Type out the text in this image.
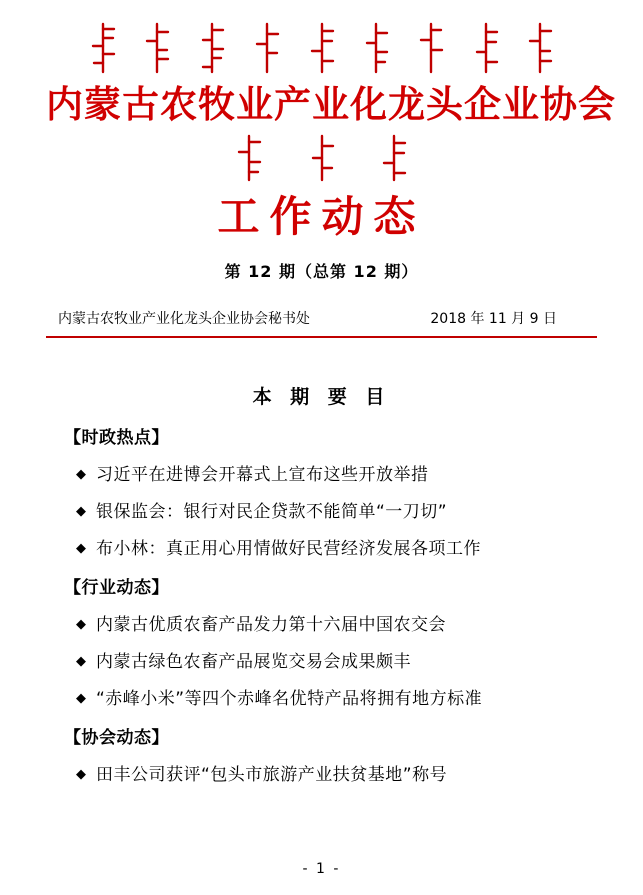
内蒙古农牧业产业化龙头企业协会

工作动态
第 12 期（总第 12 期）
内蒙古农牧业产业化龙头企业协会秘书处	2018 年 11 月 9 日
本 期 要 目
【时政热点】
◆ 习近平在进博会开幕式上宣布这些开放举措
◆ 银保监会：银行对民企贷款不能简单“一刀切”
◆ 布小林：真正用心用情做好民营经济发展各项工作
【行业动态】
◆ 内蒙古优质农畜产品发力第十六届中国农交会
◆ 内蒙古绿色农畜产品展览交易会成果颇丰
◆ “赤峰小米”等四个赤峰名优特产品将拥有地方标准
【协会动态】
◆ 田丰公司获评“包头市旅游产业扶贫基地”称号
- 1 -
